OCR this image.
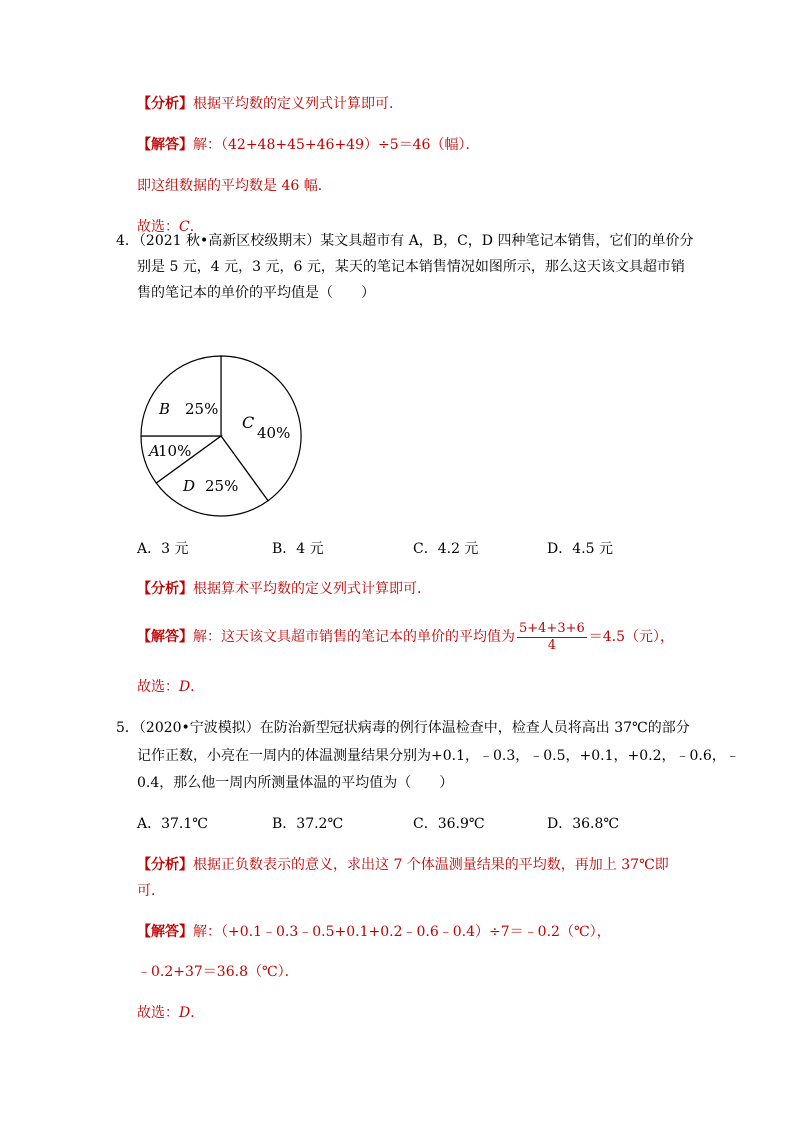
【分析】根据平均数的定义列式计算即可．
【解答】解：（42+48+45+46+49）÷5＝46（幅）．
即这组数据的平均数是 46 幅．
故选：C．
4．（2021 秋•高新区校级期末）某文具超市有 A，B，C，D 四种笔记本销售，它们的单价分
别是 5 元，4 元，3 元，6 元，某天的笔记本销售情况如图所示，那么这天该文具超市销
售的笔记本的单价的平均值是（　　）
B 25%
C
40%
A
10%
D 25%
A．3 元	B．4 元	C．4.2 元	D．4.5 元
【分析】根据算术平均数的定义列式计算即可．
【解答】解：这天该文具超市销售的笔记本的单价的平均值为 $\frac{5+4+3+6}{4} =4.5$（元），
故选：D．
5．（2020•宁波模拟）在防治新型冠状病毒的例行体温检查中，检查人员将高出 37℃的部分
记作正数，小亮在一周内的体温测量结果分别为+0.1，﹣0.3，﹣0.5，+0.1，+0.2，﹣0.6，﹣
0.4，那么他一周内所测量体温的平均值为（　　）
A．37.1℃	B．37.2℃	C．36.9℃	D．36.8℃
【分析】根据正负数表示的意义，求出这 7 个体温测量结果的平均数，再加上 37℃即
可．
【解答】解：（+0.1﹣0.3﹣0.5+0.1+0.2﹣0.6﹣0.4）÷7＝﹣0.2（℃），
﹣0.2+37＝36.8（℃）．
故选：D．
